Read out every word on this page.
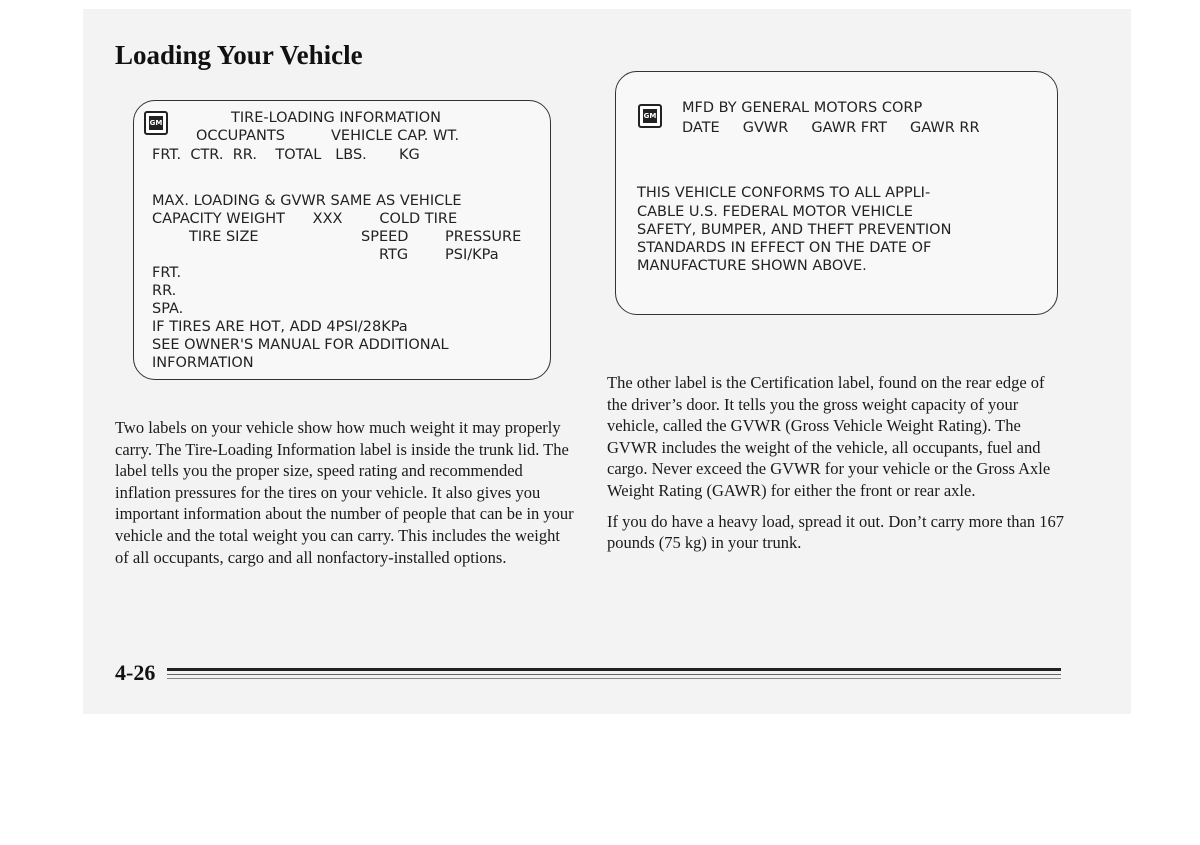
Loading Your Vehicle
GM	TIRE-LOADING INFORMATION
OCCUPANTS          VEHICLE CAP. WT.
FRT.  CTR.  RR.    TOTAL   LBS.       KG
MAX. LOADING & GVWR SAME AS VEHICLE
CAPACITY WEIGHT      XXX        COLD TIRE
TIRE SIZE	SPEED	PRESSURE
RTG	PSI/KPa
FRT.
RR.
SPA.
IF TIRES ARE HOT, ADD 4PSI/28KPa
SEE OWNER'S MANUAL FOR ADDITIONAL
INFORMATION
GM MFD BY GENERAL MOTORS CORP
DATE     GVWR     GAWR FRT     GAWR RR
THIS VEHICLE CONFORMS TO ALL APPLI-
CABLE U.S. FEDERAL MOTOR VEHICLE
SAFETY, BUMPER, AND THEFT PREVENTION
STANDARDS IN EFFECT ON THE DATE OF
MANUFACTURE SHOWN ABOVE.

Two labels on your vehicle show how much weight it may properly carry. The Tire-Loading Information label is inside the trunk lid. The label tells you the proper size, speed rating and recommended inflation pressures for the tires on your vehicle. It also gives you important information about the number of people that can be in your vehicle and the total weight you can carry. This includes the weight of all occupants, cargo and all nonfactory-installed options.

The other label is the Certification label, found on the rear edge of the driver’s door. It tells you the gross weight capacity of your vehicle, called the GVWR (Gross Vehicle Weight Rating). The GVWR includes the weight of the vehicle, all occupants, fuel and cargo. Never exceed the GVWR for your vehicle or the Gross Axle Weight Rating (GAWR) for either the front or rear axle.

If you do have a heavy load, spread it out. Don’t carry more than 167 pounds (75 kg) in your trunk.

4-26
